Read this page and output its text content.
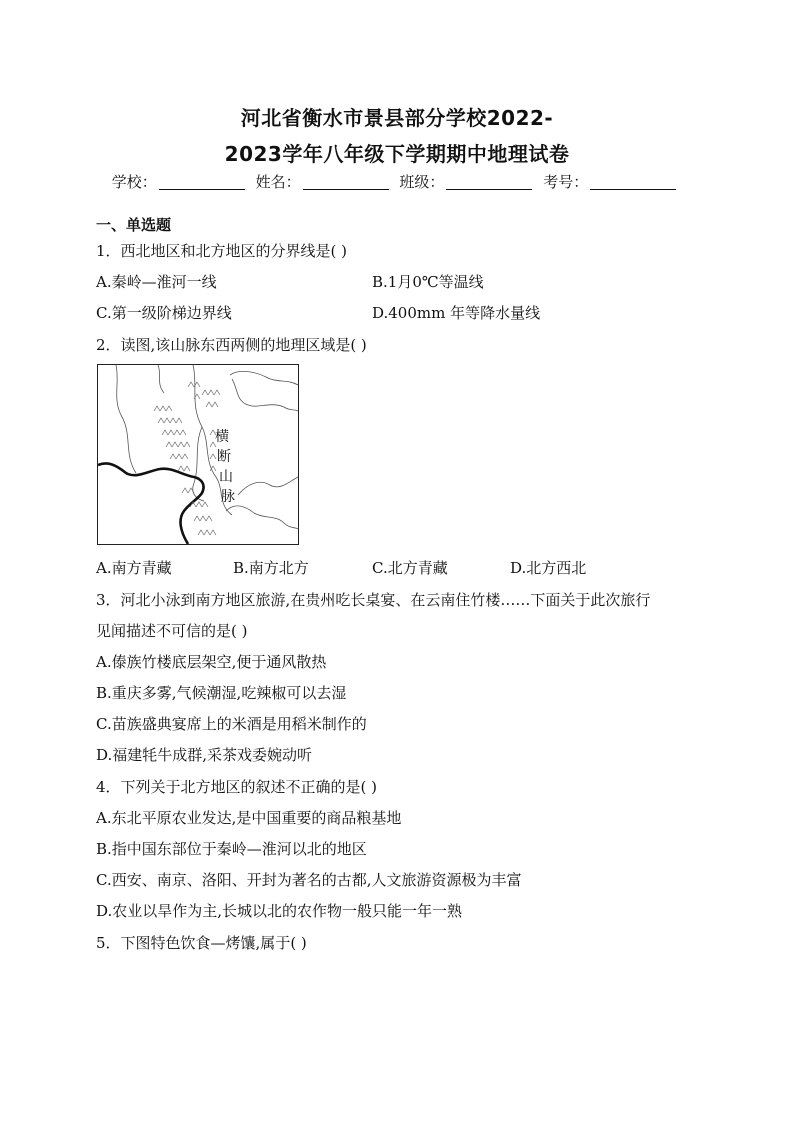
河北省衡水市景县部分学校2022-
2023学年八年级下学期期中地理试卷
学校：	姓名：	班级：	考号：
一、单选题
1．西北地区和北方地区的分界线是( )
A.秦岭—淮河一线	B.1月0℃等温线
C.第一级阶梯边界线	D.400mm 年等降水量线
2．读图,该山脉东西两侧的地理区域是( )
横
断
山
脉
A.南方青藏	B.南方北方	C.北方青藏	D.北方西北
3．河北小泳到南方地区旅游,在贵州吃长桌宴、在云南住竹楼……下面关于此次旅行
见闻描述不可信的是( )
A.傣族竹楼底层架空,便于通风散热
B.重庆多雾,气候潮湿,吃辣椒可以去湿
C.苗族盛典宴席上的米酒是用稻米制作的
D.福建牦牛成群,采茶戏委婉动听
4．下列关于北方地区的叙述不正确的是( )
A.东北平原农业发达,是中国重要的商品粮基地
B.指中国东部位于秦岭—淮河以北的地区
C.西安、南京、洛阳、开封为著名的古都,人文旅游资源极为丰富
D.农业以旱作为主,长城以北的农作物一般只能一年一熟
5．下图特色饮食—烤馕,属于( )
